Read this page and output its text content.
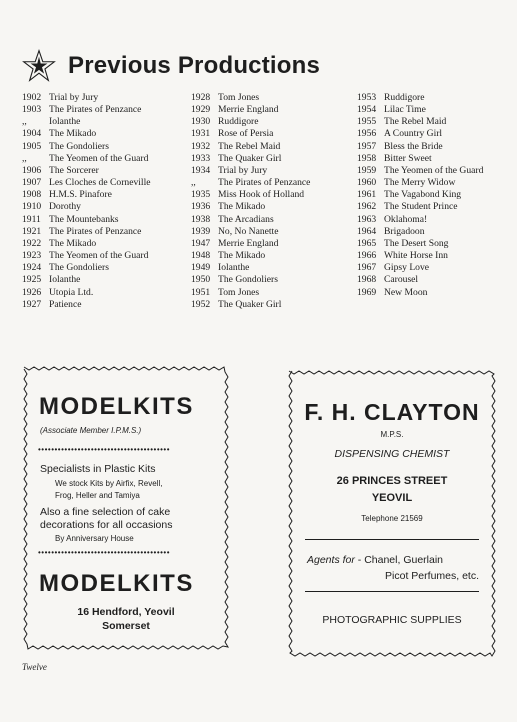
Previous Productions
1902 Trial by Jury
1903 The Pirates of Penzance
,,	Iolanthe
1904 The Mikado
1905 The Gondoliers
,,	The Yeomen of the Guard
1906 The Sorcerer
1907 Les Cloches de Corneville
1908 H.M.S. Pinafore
1910 Dorothy
1911 The Mountebanks
1921 The Pirates of Penzance
1922 The Mikado
1923 The Yeomen of the Guard
1924 The Gondoliers
1925 Iolanthe
1926 Utopia Ltd.
1927 Patience
1928 Tom Jones
1929 Merrie England
1930 Ruddigore
1931 Rose of Persia
1932 The Rebel Maid
1933 The Quaker Girl
1934 Trial by Jury
,,	The Pirates of Penzance
1935 Miss Hook of Holland
1936 The Mikado
1938 The Arcadians
1939 No, No Nanette
1947 Merrie England
1948 The Mikado
1949 Iolanthe
1950 The Gondoliers
1951 Tom Jones
1952 The Quaker Girl
1953 Ruddigore
1954 Lilac Time
1955 The Rebel Maid
1956 A Country Girl
1957 Bless the Bride
1958 Bitter Sweet
1959 The Yeomen of the Guard
1960 The Merry Widow
1961 The Vagabond King
1962 The Student Prince
1963 Oklahoma!
1964 Brigadoon
1965 The Desert Song
1966 White Horse Inn
1967 Gipsy Love
1968 Carousel
1969 New Moon
MODELKITS
(Associate Member I.P.M.S.)
••••••••••••••••••••••••••••••••••••••••
Specialists in Plastic Kits
We stock Kits by Airfix, Revell,
Frog, Heller and Tamiya
Also a fine selection of cake
decorations for all occasions
By Anniversary House
••••••••••••••••••••••••••••••••••••••••
MODELKITS
16 Hendford, Yeovil
Somerset
F. H. CLAYTON
M.P.S.
DISPENSING CHEMIST
26 PRINCES STREET
YEOVIL
Telephone 21569
Agents for - Chanel, Guerlain
Picot Perfumes, etc.
PHOTOGRAPHIC SUPPLIES
Twelve
